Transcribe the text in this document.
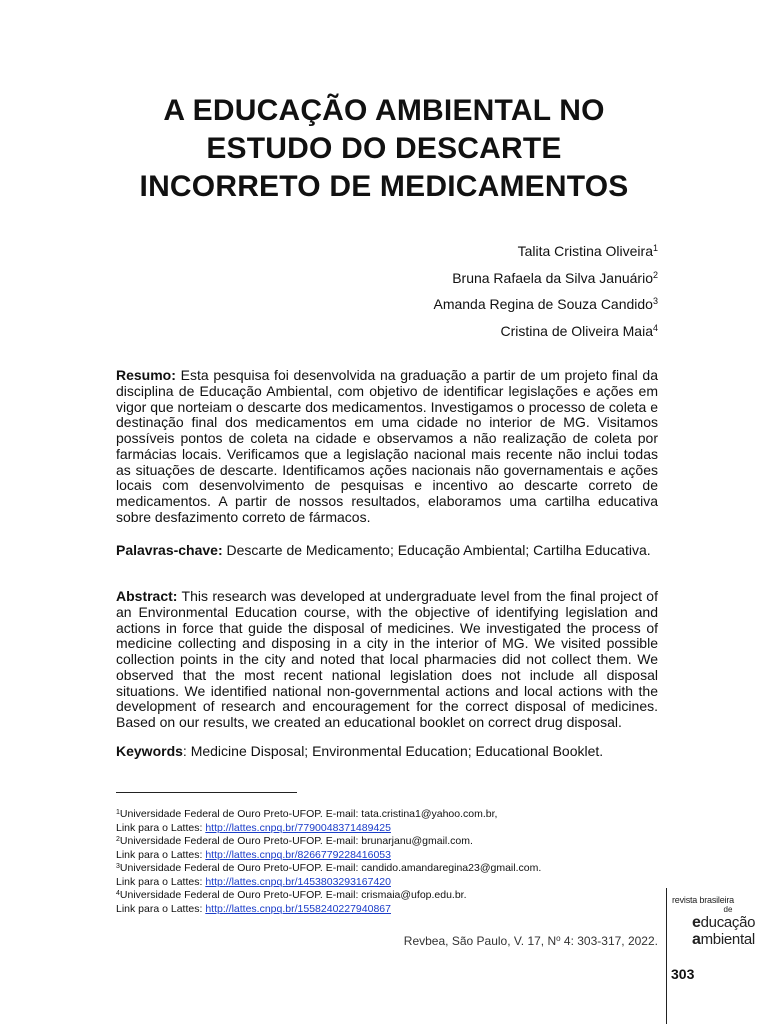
A EDUCAÇÃO AMBIENTAL NO
ESTUDO DO DESCARTE
INCORRETO DE MEDICAMENTOS
Talita Cristina Oliveira$^1$
Bruna Rafaela da Silva Januário$^2$
Amanda Regina de Souza Candido$^3$
Cristina de Oliveira Maia$^4$
Resumo: Esta pesquisa foi desenvolvida na graduação a partir de um projeto final da disciplina de Educação Ambiental, com objetivo de identificar legislações e ações em vigor que norteiam o descarte dos medicamentos. Investigamos o processo de coleta e destinação final dos medicamentos em uma cidade no interior de MG. Visitamos possíveis pontos de coleta na cidade e observamos a não realização de coleta por farmácias locais. Verificamos que a legislação nacional mais recente não inclui todas as situações de descarte. Identificamos ações nacionais não governamentais e ações locais com desenvolvimento de pesquisas e incentivo ao descarte correto de medicamentos. A partir de nossos resultados, elaboramos uma cartilha educativa sobre desfazimento correto de fármacos.
Palavras-chave: Descarte de Medicamento; Educação Ambiental; Cartilha Educativa.
Abstract: This research was developed at undergraduate level from the final project of an Environmental Education course, with the objective of identifying legislation and actions in force that guide the disposal of medicines. We investigated the process of medicine collecting and disposing in a city in the interior of MG. We visited possible collection points in the city and noted that local pharmacies did not collect them. We observed that the most recent national legislation does not include all disposal situations. We identified national non-governmental actions and local actions with the development of research and encouragement for the correct disposal of medicines. Based on our results, we created an educational booklet on correct drug disposal.
Keywords: Medicine Disposal; Environmental Education; Educational Booklet.
$^1$Universidade Federal de Ouro Preto-UFOP. E-mail: tata.cristina1@yahoo.com.br,
Link para o Lattes: http://lattes.cnpq.br/7790048371489425
$^2$Universidade Federal de Ouro Preto-UFOP. E-mail: brunarjanu@gmail.com.
Link para o Lattes: http://lattes.cnpq.br/8266779228416053
$^3$Universidade Federal de Ouro Preto-UFOP. E-mail: candido.amandaregina23@gmail.com.
Link para o Lattes: http://lattes.cnpq.br/1453803293167420
$^4$Universidade Federal de Ouro Preto-UFOP. E-mail: crismaia@ufop.edu.br.
Link para o Lattes: http://lattes.cnpq.br/1558240227940867
Revbea, São Paulo, V. 17, $N^o$ 4: 303-317, 2022.
revista brasileira
de
educação
ambiental
303
